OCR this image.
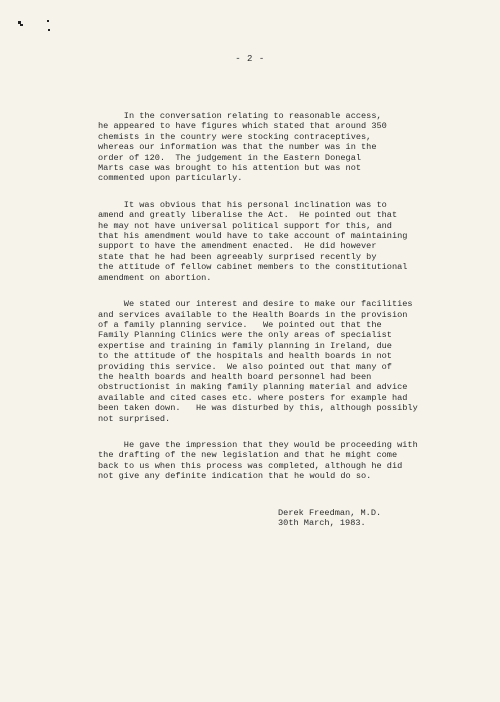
- 2 -

In the conversation relating to reasonable access,
he appeared to have figures which stated that around 350
chemists in the country were stocking contraceptives,
whereas our information was that the number was in the
order of 120.  The judgement in the Eastern Donegal
Marts case was brought to his attention but was not
commented upon particularly.

It was obvious that his personal inclination was to
amend and greatly liberalise the Act.  He pointed out that
he may not have universal political support for this, and
that his amendment would have to take account of maintaining
support to have the amendment enacted.  He did however
state that he had been agreeably surprised recently by
the attitude of fellow cabinet members to the constitutional
amendment on abortion.

We stated our interest and desire to make our facilities
and services available to the Health Boards in the provision
of a family planning service.   We pointed out that the
Family Planning Clinics were the only areas of specialist
expertise and training in family planning in Ireland, due
to the attitude of the hospitals and health boards in not
providing this service.  We also pointed out that many of
the health boards and health board personnel had been
obstructionist in making family planning material and advice
available and cited cases etc. where posters for example had
been taken down.   He was disturbed by this, although possibly
not surprised.

He gave the impression that they would be proceeding with
the drafting of the new legislation and that he might come
back to us when this process was completed, although he did
not give any definite indication that he would do so.

Derek Freedman, M.D.
30th March, 1983.
